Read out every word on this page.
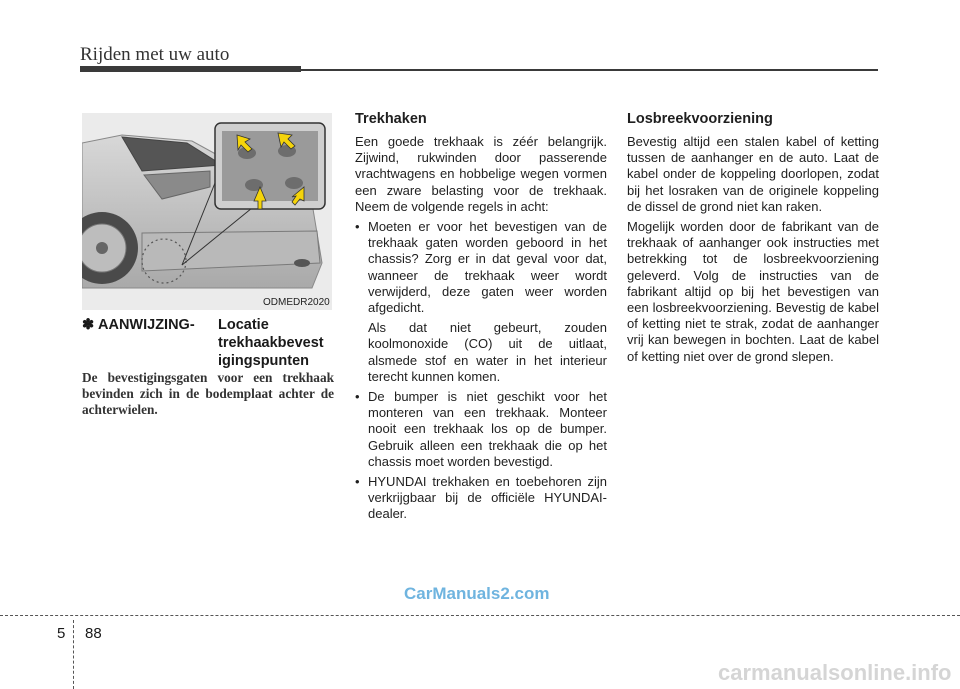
Rijden met uw auto
ODMEDR2020
✽ AANWIJZING- Locatie trekhaakbevest igingspunten
De bevestigingsgaten voor een trekhaak bevinden zich in de bodemplaat achter de achterwielen.
Trekhaken

Een goede trekhaak is zéér belangrijk. Zijwind, rukwinden door passerende vrachtwagens en hobbelige wegen vormen een zware belasting voor de trekhaak. Neem de volgende regels in acht:

• Moeten er voor het bevestigen van de trekhaak gaten worden geboord in het chassis? Zorg er in dat geval voor dat, wanneer de trekhaak weer wordt verwijderd, deze gaten weer worden afgedicht.

Als dat niet gebeurt, zouden koolmonoxide (CO) uit de uitlaat, alsmede stof en water in het interieur terecht kunnen komen.

• De bumper is niet geschikt voor het monteren van een trekhaak. Monteer nooit een trekhaak los op de bumper. Gebruik alleen een trekhaak die op het chassis moet worden bevestigd.

• HYUNDAI trekhaken en toebehoren zijn verkrijgbaar bij de officiële HYUNDAI-dealer.

Losbreekvoorziening

Bevestig altijd een stalen kabel of ketting tussen de aanhanger en de auto. Laat de kabel onder de koppeling doorlopen, zodat bij het losraken van de originele koppeling de dissel de grond niet kan raken.

Mogelijk worden door de fabrikant van de trekhaak of aanhanger ook instructies met betrekking tot de losbreekvoorziening geleverd. Volg de instructies van de fabrikant altijd op bij het bevestigen van een losbreekvoorziening. Bevestig de kabel of ketting niet te strak, zodat de aanhanger vrij kan bewegen in bochten. Laat de kabel of ketting niet over de grond slepen.

CarManuals2.com
5 88
carmanualsonline.info
